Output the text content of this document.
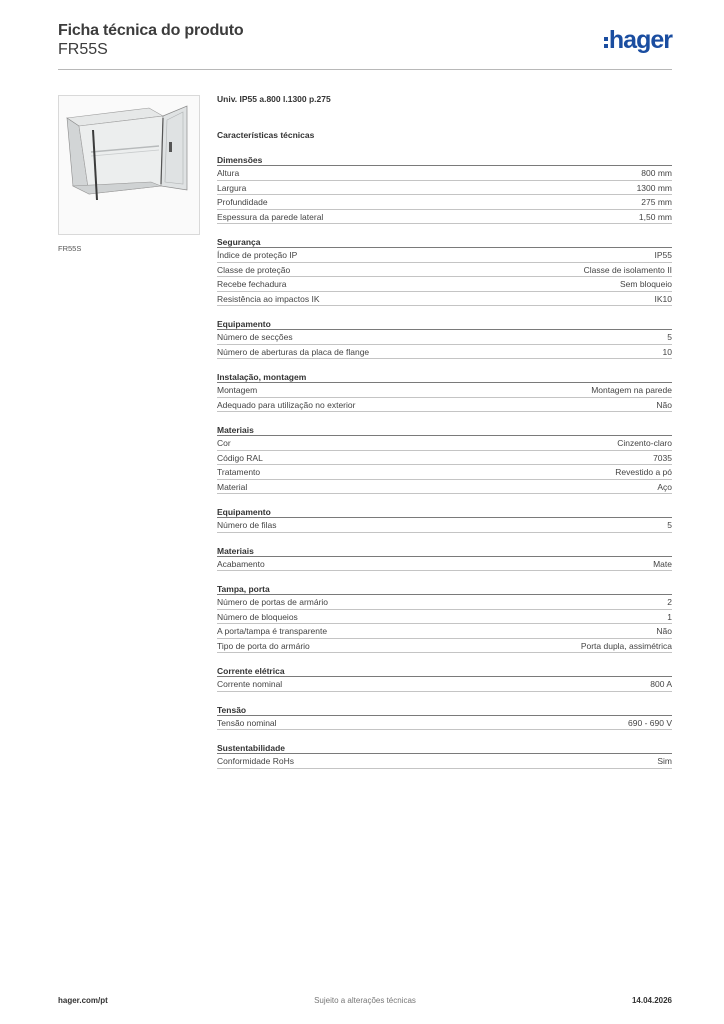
Ficha técnica do produto
FR55S	hager
FR55S
Univ. IP55 a.800 l.1300 p.275
Características técnicas
Dimensões
Altura	800 mm
Largura	1300 mm
Profundidade	275 mm
Espessura da parede lateral	1,50 mm
Segurança
Índice de proteção IP	IP55
Classe de proteção	Classe de isolamento II
Recebe fechadura	Sem bloqueio
Resistência ao impactos IK	IK10
Equipamento
Número de secções	5
Número de aberturas da placa de flange	10
Instalação, montagem
Montagem	Montagem na parede
Adequado para utilização no exterior	Não
Materiais
Cor	Cinzento-claro
Código RAL	7035
Tratamento	Revestido a pó
Material	Aço
Equipamento
Número de filas	5
Materiais
Acabamento	Mate
Tampa, porta
Número de portas de armário	2
Número de bloqueios	1
A porta/tampa é transparente	Não
Tipo de porta do armário	Porta dupla, assimétrica
Corrente elétrica
Corrente nominal	800 A
Tensão
Tensão nominal	690 - 690 V
Sustentabilidade
Conformidade RoHs	Sim
Sujeito a alterações técnicas
hager.com/pt	14.04.2026
